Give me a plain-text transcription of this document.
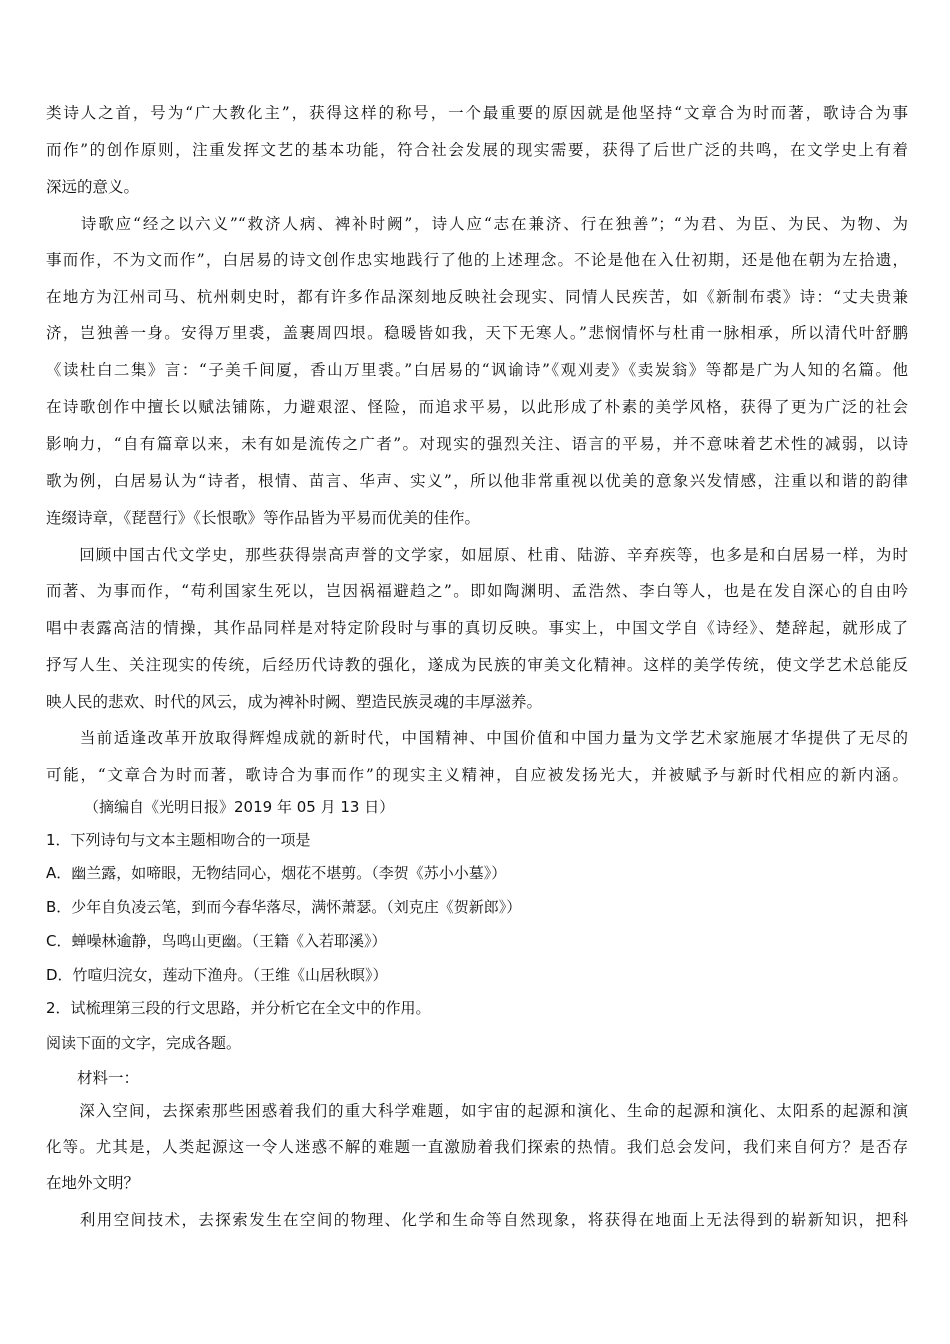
类诗人之首，号为“广大教化主”，获得这样的称号，一个最重要的原因就是他坚持“文章合为时而著，歌诗合为事
而作”的创作原则，注重发挥文艺的基本功能，符合社会发展的现实需要，获得了后世广泛的共鸣，在文学史上有着
深远的意义。
　　诗歌应“经之以六义”“救济人病、裨补时阙”，诗人应“志在兼济、行在独善”；“为君、为臣、为民、为物、为
事而作，不为文而作”，白居易的诗文创作忠实地践行了他的上述理念。不论是他在入仕初期，还是他在朝为左拾遗，
在地方为江州司马、杭州刺史时，都有许多作品深刻地反映社会现实、同情人民疾苦，如《新制布裘》诗：“丈夫贵兼
济，岂独善一身。安得万里裘，盖裹周四垠。稳暖皆如我，天下无寒人。”悲悯情怀与杜甫一脉相承，所以清代叶舒鹏
《读杜白二集》言：“子美千间厦，香山万里裘。”白居易的“讽谕诗”《观刈麦》《卖炭翁》等都是广为人知的名篇。他
在诗歌创作中擅长以赋法铺陈，力避艰涩、怪险，而追求平易，以此形成了朴素的美学风格，获得了更为广泛的社会
影响力，“自有篇章以来，未有如是流传之广者”。对现实的强烈关注、语言的平易，并不意味着艺术性的减弱，以诗
歌为例，白居易认为“诗者，根情、苗言、华声、实义”，所以他非常重视以优美的意象兴发情感，注重以和谐的韵律
连缀诗章，《琵琶行》《长恨歌》等作品皆为平易而优美的佳作。
　　回顾中国古代文学史，那些获得崇高声誉的文学家，如屈原、杜甫、陆游、辛弃疾等，也多是和白居易一样，为时
而著、为事而作，“苟利国家生死以，岂因祸福避趋之”。即如陶渊明、孟浩然、李白等人，也是在发自深心的自由吟
唱中表露高洁的情操，其作品同样是对特定阶段时与事的真切反映。事实上，中国文学自《诗经》、楚辞起，就形成了
抒写人生、关注现实的传统，后经历代诗教的强化，遂成为民族的审美文化精神。这样的美学传统，使文学艺术总能反
映人民的悲欢、时代的风云，成为裨补时阙、塑造民族灵魂的丰厚滋养。
　　当前适逢改革开放取得辉煌成就的新时代，中国精神、中国价值和中国力量为文学艺术家施展才华提供了无尽的
可能，“文章合为时而著，歌诗合为事而作”的现实主义精神，自应被发扬光大，并被赋予与新时代相应的新内涵。
（摘编自《光明日报》2019 年 05 月 13 日）
1．下列诗句与文本主题相吻合的一项是
A．幽兰露，如啼眼，无物结同心，烟花不堪剪。（李贺《苏小小墓》）
B．少年自负凌云笔，到而今春华落尽，满怀萧瑟。（刘克庄《贺新郎》）
C．蝉噪林逾静，鸟鸣山更幽。（王籍《入若耶溪》）
D．竹喧归浣女，莲动下渔舟。（王维《山居秋暝》）
2．试梳理第三段的行文思路，并分析它在全文中的作用。
阅读下面的文字，完成各题。
　　材料一：
　　深入空间，去探索那些困惑着我们的重大科学难题，如宇宙的起源和演化、生命的起源和演化、太阳系的起源和演
化等。尤其是，人类起源这一令人迷惑不解的难题一直激励着我们探索的热情。我们总会发问，我们来自何方？是否存
在地外文明？
　　利用空间技术，去探索发生在空间的物理、化学和生命等自然现象，将获得在地面上无法得到的崭新知识，把科
